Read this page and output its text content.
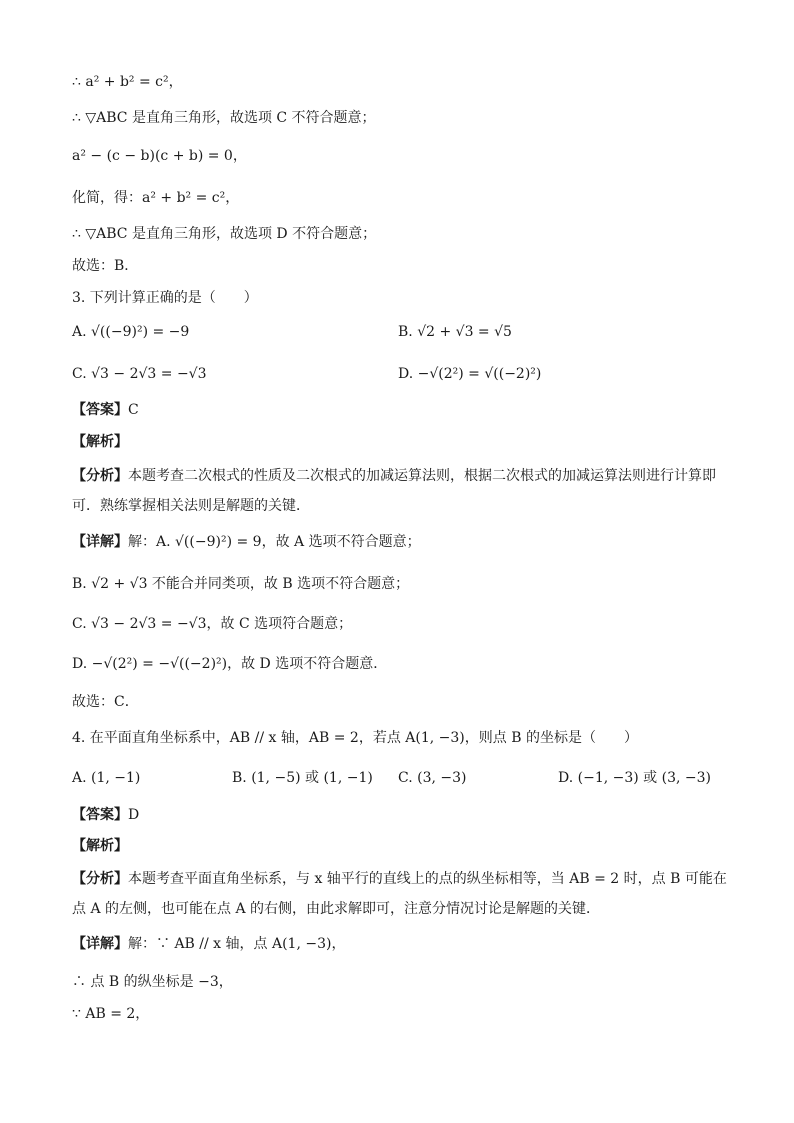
∴ a² + b² = c²，
∴ ▽ABC 是直角三角形，故选项 C 不符合题意；
a² − (c − b)(c + b) = 0，
化简，得：a² + b² = c²，
∴ ▽ABC 是直角三角形，故选项 D 不符合题意；
故选：B．
3. 下列计算正确的是（　　）
A. √((−9)²) = −9	B. √2 + √3 = √5
C. √3 − 2√3 = −√3	D. −√(2²) = √((−2)²)
【答案】C
【解析】
【分析】本题考查二次根式的性质及二次根式的加减运算法则，根据二次根式的加减运算法则进行计算即可．熟练掌握相关法则是解题的关键．
【详解】解：A. √((−9)²) = 9，故 A 选项不符合题意；
B. √2 + √3 不能合并同类项，故 B 选项不符合题意；
C. √3 − 2√3 = −√3，故 C 选项符合题意；
D. −√(2²) = −√((−2)²)，故 D 选项不符合题意．
故选：C．
4. 在平面直角坐标系中，AB // x 轴，AB = 2，若点 A(1, −3)，则点 B 的坐标是（　　）
A. (1, −1)	B. (1, −5) 或 (1, −1) C. (3, −3)	D. (−1, −3) 或 (3, −3)
【答案】D
【解析】
【分析】本题考查平面直角坐标系，与 x 轴平行的直线上的点的纵坐标相等，当 AB = 2 时，点 B 可能在点 A 的左侧，也可能在点 A 的右侧，由此求解即可，注意分情况讨论是解题的关键．
【详解】解：∵ AB // x 轴，点 A(1, −3)，
∴ 点 B 的纵坐标是 −3，
∵ AB = 2，
